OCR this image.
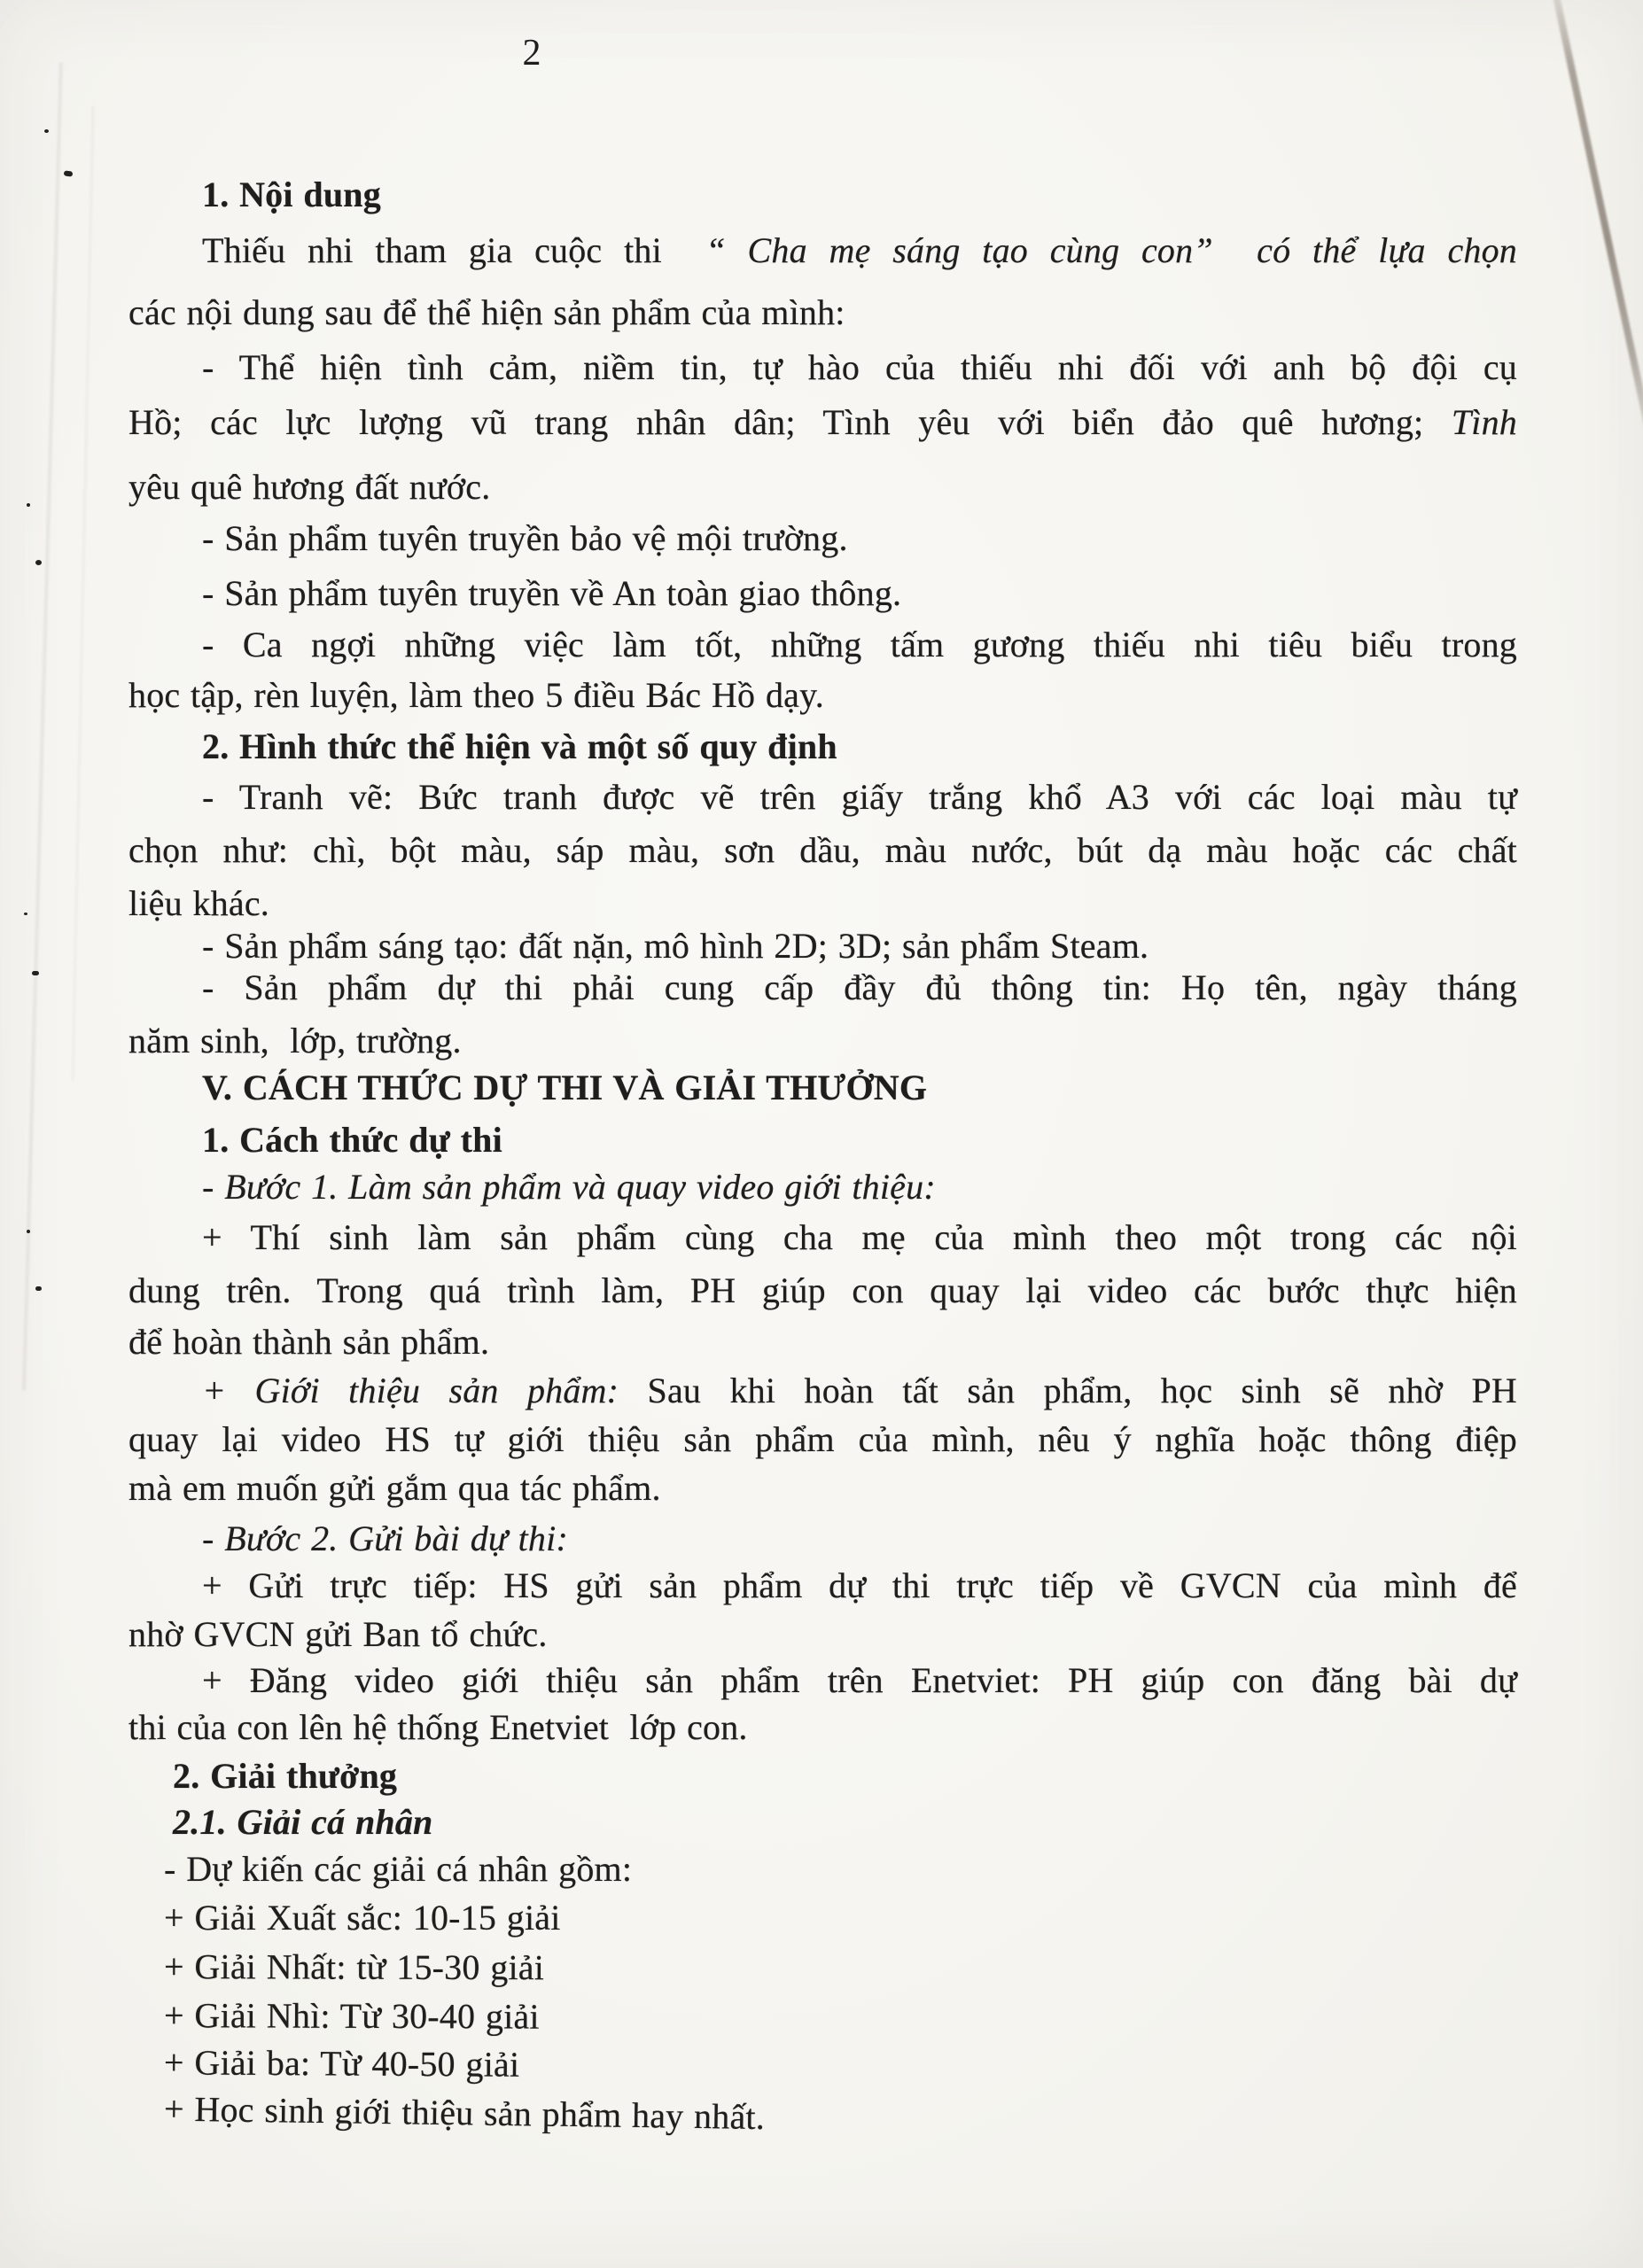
2
1. Nội dung
Thiếu nhi tham gia cuộc thi  “ Cha mẹ sáng tạo cùng con”  có thể lựa chọn
các nội dung sau để thể hiện sản phẩm của mình:
- Thể hiện tình cảm, niềm tin, tự hào của thiếu nhi đối với anh bộ đội cụ
Hồ; các lực lượng vũ trang nhân dân; Tình yêu với biển đảo quê hương; Tình
yêu quê hương đất nước.
- Sản phẩm tuyên truyền bảo vệ mội trường.
- Sản phẩm tuyên truyền về An toàn giao thông.
- Ca ngợi những việc làm tốt, những tấm gương thiếu nhi tiêu biểu trong
học tập, rèn luyện, làm theo 5 điều Bác Hồ dạy.
2. Hình thức thể hiện và một số quy định
- Tranh vẽ: Bức tranh được vẽ trên giấy trắng khổ A3 với các loại màu tự
chọn như: chì, bột màu, sáp màu, sơn dầu, màu nước, bút dạ màu hoặc các chất
liệu khác.
- Sản phẩm sáng tạo: đất nặn, mô hình 2D; 3D; sản phẩm Steam.
- Sản phẩm dự thi phải cung cấp đầy đủ thông tin: Họ tên, ngày tháng
năm sinh,  lớp, trường.
V. CÁCH THỨC DỰ THI VÀ GIẢI THƯỞNG
1. Cách thức dự thi
- Bước 1. Làm sản phẩm và quay video giới thiệu:
+ Thí sinh làm sản phẩm cùng cha mẹ của mình theo một trong các nội
dung trên. Trong quá trình làm, PH giúp con quay lại video các bước thực hiện
để hoàn thành sản phẩm.
+ Giới thiệu sản phẩm: Sau khi hoàn tất sản phẩm, học sinh sẽ nhờ PH
quay lại video HS tự giới thiệu sản phẩm của mình, nêu ý nghĩa hoặc thông điệp
mà em muốn gửi gắm qua tác phẩm.
- Bước 2. Gửi bài dự thi:
+ Gửi trực tiếp: HS gửi sản phẩm dự thi trực tiếp về GVCN của mình để
nhờ GVCN gửi Ban tổ chức.
+ Đăng video giới thiệu sản phẩm trên Enetviet: PH giúp con đăng bài dự
thi của con lên hệ thống Enetviet  lớp con.
2. Giải thưởng
2.1. Giải cá nhân
- Dự kiến các giải cá nhân gồm:
+ Giải Xuất sắc: 10-15 giải
+ Giải Nhất: từ 15-30 giải
+ Giải Nhì: Từ 30-40 giải
+ Giải ba: Từ 40-50 giải
+ Học sinh giới thiệu sản phẩm hay nhất.
